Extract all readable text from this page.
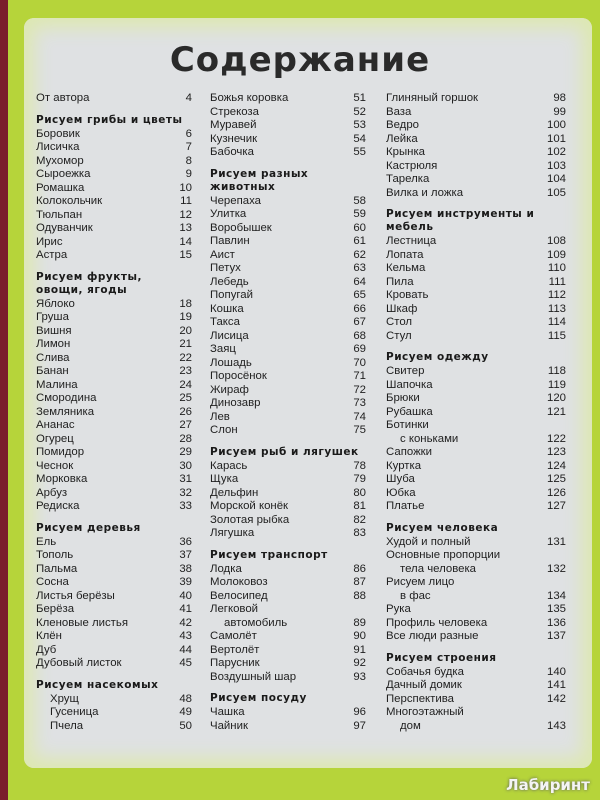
Содержание
От автора	4
Рисуем грибы и цветы
Боровик	6
Лисичка	7
Мухомор	8
Сыроежка	9
Ромашка	10
Колокольчик	11
Тюльпан	12
Одуванчик	13
Ирис	14
Астра	15
Рисуем фрукты, овощи, ягоды
Яблоко	18
Груша	19
Вишня	20
Лимон	21
Слива	22
Банан	23
Малина	24
Смородина	25
Земляника	26
Ананас	27
Огурец	28
Помидор	29
Чеснок	30
Морковка	31
Арбуз	32
Редиска	33
Рисуем деревья
Ель	36
Тополь	37
Пальма	38
Сосна	39
Листья берёзы	40
Берёза	41
Кленовые листья	42
Клён	43
Дуб	44
Дубовый листок	45
Рисуем насекомых
Хрущ	48
Гусеница	49
Пчела	50
Божья коровка	51
Стрекоза	52
Муравей	53
Кузнечик	54
Бабочка	55
Рисуем разных животных
Черепаха	58
Улитка	59
Воробышек	60
Павлин	61
Аист	62
Петух	63
Лебедь	64
Попугай	65
Кошка	66
Такса	67
Лисица	68
Заяц	69
Лошадь	70
Поросёнок	71
Жираф	72
Динозавр	73
Лев	74
Слон	75
Рисуем рыб и лягушек
Карась	78
Щука	79
Дельфин	80
Морской конёк	81
Золотая рыбка	82
Лягушка	83
Рисуем транспорт
Лодка	86
Молоковоз	87
Велосипед	88
Легковой
автомобиль	89
Самолёт	90
Вертолёт	91
Парусник	92
Воздушный шар	93
Рисуем посуду
Чашка	96
Чайник	97
Глиняный горшок	98
Ваза	99
Ведро	100
Лейка	101
Крынка	102
Кастрюля	103
Тарелка	104
Вилка и ложка	105
Рисуем инструменты и мебель
Лестница	108
Лопата	109
Кельма	110
Пила	111
Кровать	112
Шкаф	113
Стол	114
Стул	115
Рисуем одежду
Свитер	118
Шапочка	119
Брюки	120
Рубашка	121
Ботинки
с коньками	122
Сапожки	123
Куртка	124
Шуба	125
Юбка	126
Платье	127
Рисуем человека
Худой и полный	131
Основные пропорции
тела человека	132
Рисуем лицо
в фас	134
Рука	135
Профиль человека	136
Все люди разные	137
Рисуем строения
Собачья будка	140
Дачный домик	141
Перспектива	142
Многоэтажный
дом	143
Лабиринт
